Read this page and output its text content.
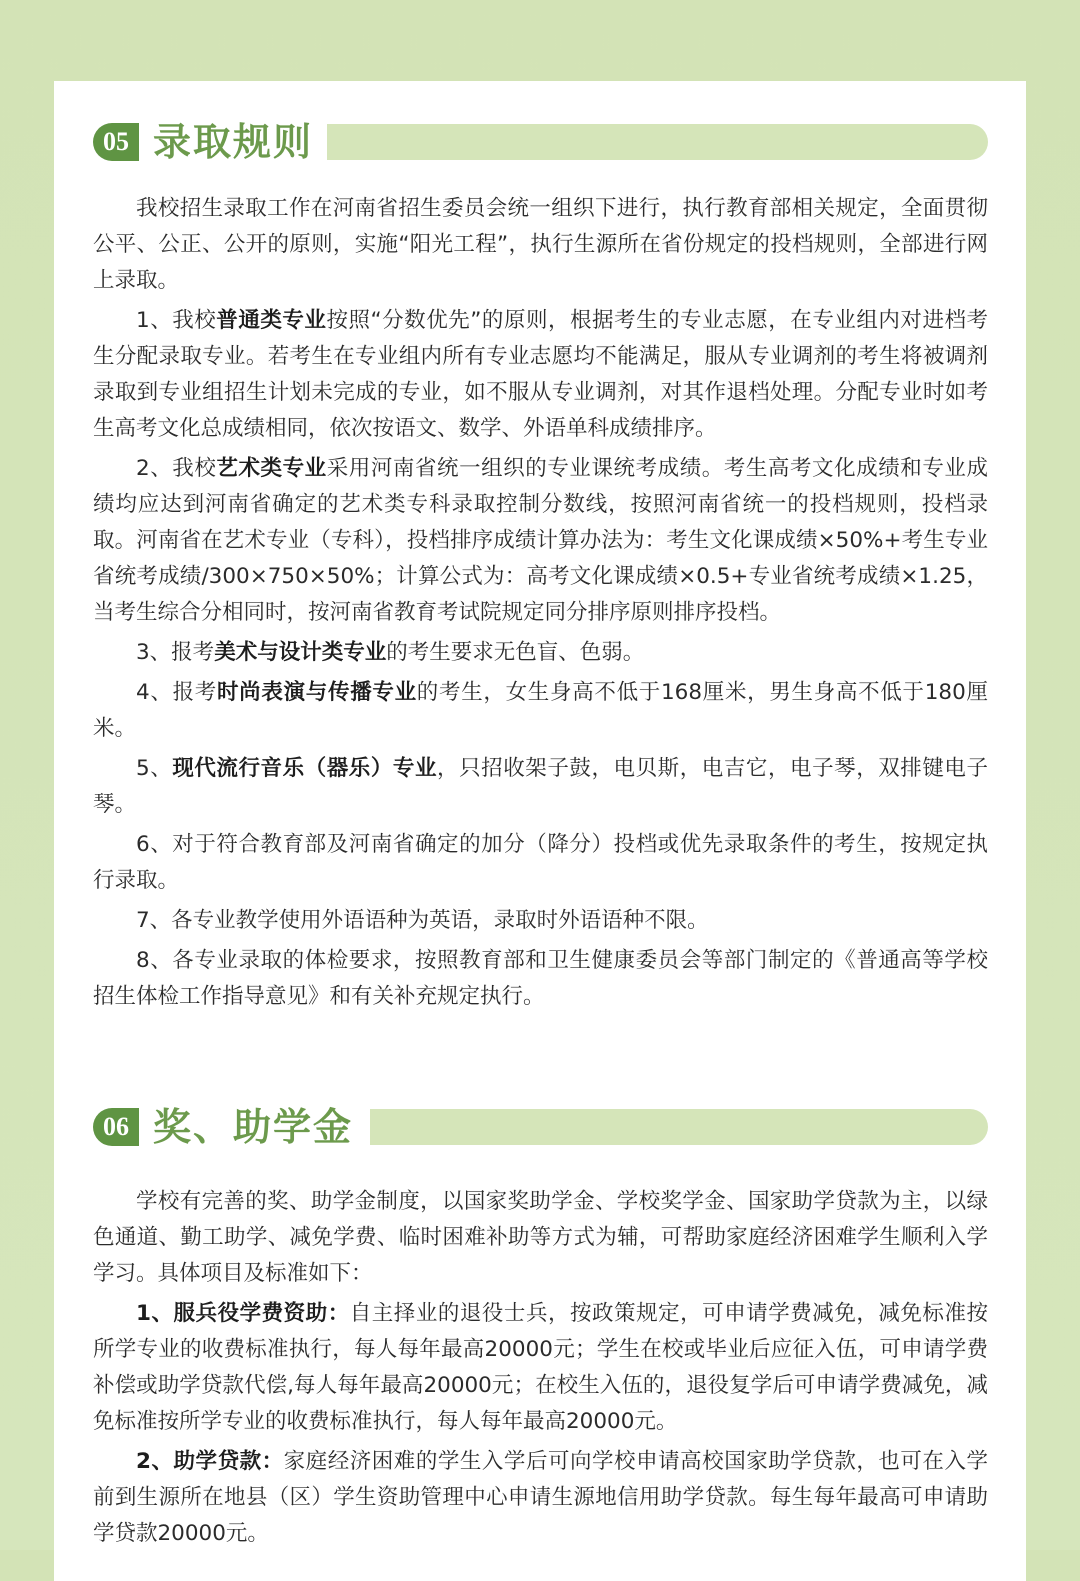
05 录取规则

我校招生录取工作在河南省招生委员会统一组织下进行，执行教育部相关规定，全面贯彻公平、公正、公开的原则，实施“阳光工程”，执行生源所在省份规定的投档规则，全部进行网上录取。

1、我校普通类专业按照“分数优先”的原则，根据考生的专业志愿，在专业组内对进档考生分配录取专业。若考生在专业组内所有专业志愿均不能满足，服从专业调剂的考生将被调剂录取到专业组招生计划未完成的专业，如不服从专业调剂，对其作退档处理。分配专业时如考生高考文化总成绩相同，依次按语文、数学、外语单科成绩排序。

2、我校艺术类专业采用河南省统一组织的专业课统考成绩。考生高考文化成绩和专业成绩均应达到河南省确定的艺术类专科录取控制分数线，按照河南省统一的投档规则，投档录取。河南省在艺术专业（专科），投档排序成绩计算办法为：考生文化课成绩×50%+考生专业省统考成绩/300×750×50%；计算公式为：高考文化课成绩×0.5+专业省统考成绩×1.25，当考生综合分相同时，按河南省教育考试院规定同分排序原则排序投档。

3、报考美术与设计类专业的考生要求无色盲、色弱。

4、报考时尚表演与传播专业的考生，女生身高不低于168厘米，男生身高不低于180厘米。

5、现代流行音乐（器乐）专业，只招收架子鼓，电贝斯，电吉它，电子琴，双排键电子琴。

6、对于符合教育部及河南省确定的加分（降分）投档或优先录取条件的考生，按规定执行录取。

7、各专业教学使用外语语种为英语，录取时外语语种不限。

8、各专业录取的体检要求，按照教育部和卫生健康委员会等部门制定的《普通高等学校招生体检工作指导意见》和有关补充规定执行。

06 奖、助学金

学校有完善的奖、助学金制度，以国家奖助学金、学校奖学金、国家助学贷款为主，以绿色通道、勤工助学、减免学费、临时困难补助等方式为辅，可帮助家庭经济困难学生顺利入学学习。具体项目及标准如下：

1、服兵役学费资助：自主择业的退役士兵，按政策规定，可申请学费减免，减免标准按所学专业的收费标准执行，每人每年最高20000元；学生在校或毕业后应征入伍，可申请学费补偿或助学贷款代偿,每人每年最高20000元；在校生入伍的，退役复学后可申请学费减免，减免标准按所学专业的收费标准执行，每人每年最高20000元。

2、助学贷款：家庭经济困难的学生入学后可向学校申请高校国家助学贷款，也可在入学前到生源所在地县（区）学生资助管理中心申请生源地信用助学贷款。每生每年最高可申请助学贷款20000元。
